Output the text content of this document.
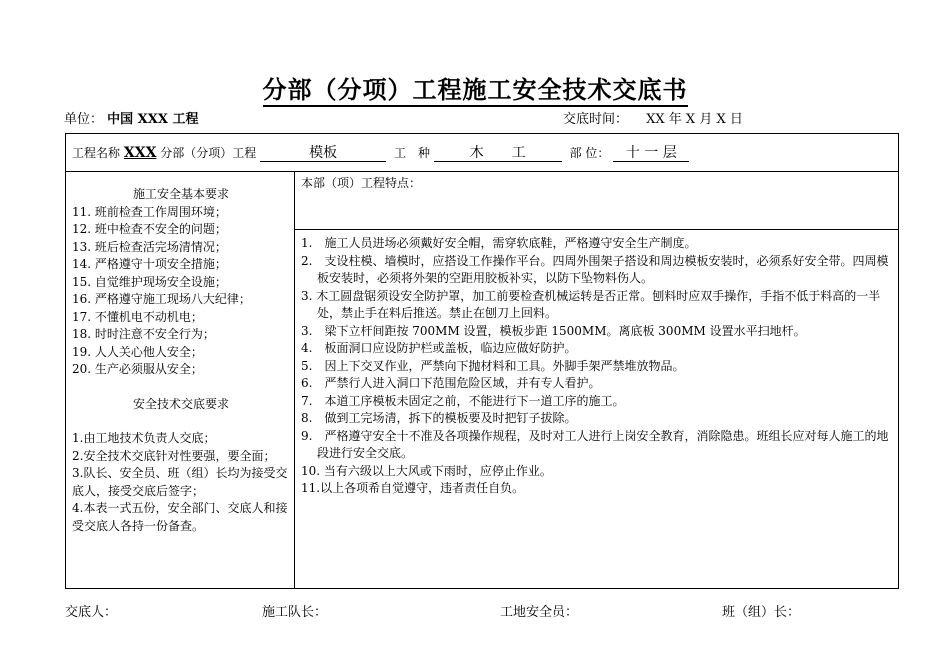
分部（分项）工程施工安全技术交底书
单位： 中国 XXX 工程	交底时间： XX 年 X 月 X 日
工程名称 XXX 分部（分项）工程	模板	工　种	木　　工	部 位： 十 一 层
施工安全基本要求
11. 班前检查工作周围环境；
12. 班中检查不安全的问题；
13. 班后检查活完场清情况；
14. 严格遵守十项安全措施；
15. 自觉维护现场安全设施；
16. 严格遵守施工现场八大纪律；
17. 不懂机电不动机电；
18. 时时注意不安全行为；
19. 人人关心他人安全；
20. 生产必须服从安全；
安全技术交底要求
1.由工地技术负责人交底；
2.安全技术交底针对性要强，要全面；
3.队长、安全员、班（组）长均为接受交底人，接受交底后签字；
4.本表一式五份，安全部门、交底人和接受交底人各持一份备查。
本部（项）工程特点：
1.　施工人员进场必须戴好安全帽，需穿软底鞋，严格遵守安全生产制度。
2.　支设柱模、墙模时，应搭设工作操作平台。四周外围架子搭设和周边模板安装时，必须系好安全带。四周模板安装时，必须将外架的空距用胶板补实，以防下坠物料伤人。
3. 木工圆盘锯须设安全防护罩，加工前要检查机械运转是否正常。刨料时应双手操作，手指不低于料高的一半处，禁止手在料后推送。禁止在刨刀上回料。
3.　梁下立杆间距按 700MM 设置，模板步距 1500MM。离底板 300MM 设置水平扫地杆。
4.　板面洞口应设防护栏或盖板，临边应做好防护。
5.　因上下交叉作业，严禁向下抛材料和工具。外脚手架严禁堆放物品。
6.　严禁行人进入洞口下范围危险区域，并有专人看护。
7.　本道工序模板未固定之前，不能进行下一道工序的施工。
8.　做到工完场清，拆下的模板要及时把钉子拔除。
9.　严格遵守安全十不准及各项操作规程，及时对工人进行上岗安全教育，消除隐患。班组长应对每人施工的地段进行安全交底。
10. 当有六级以上大风或下雨时，应停止作业。
11.以上各项希自觉遵守，违者责任自负。
交底人：	施工队长：	工地安全员：	班（组）长：
